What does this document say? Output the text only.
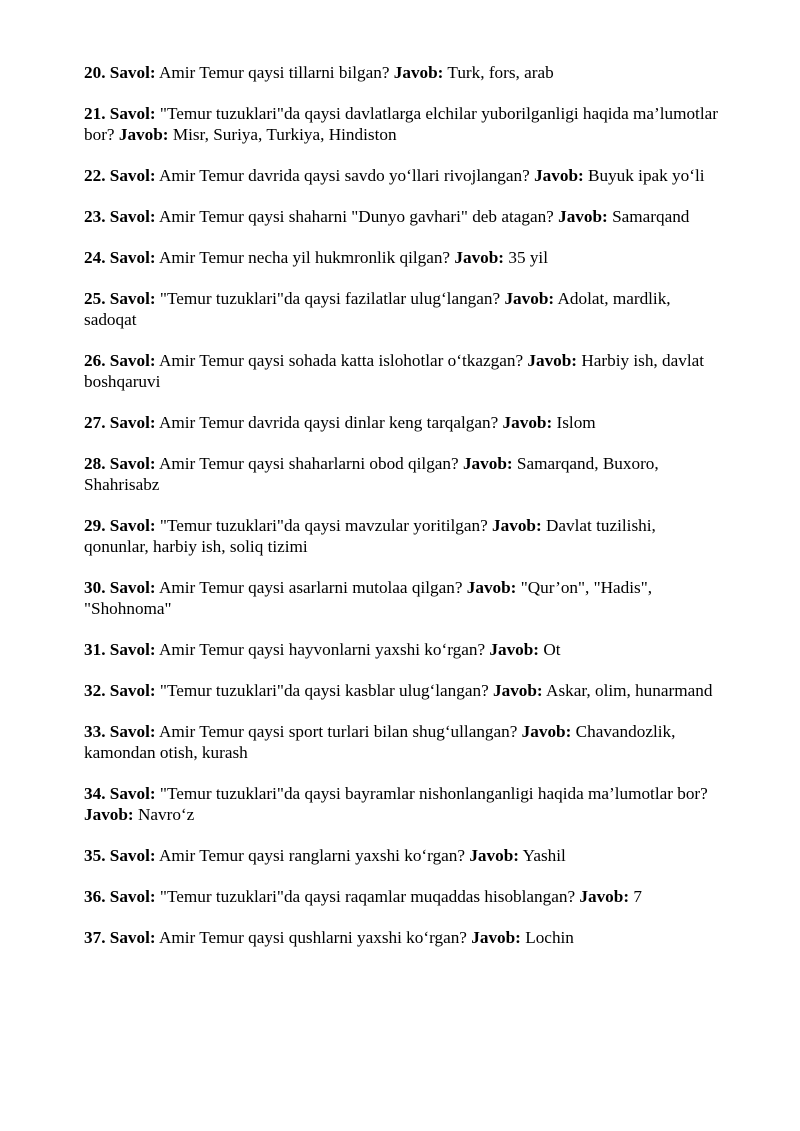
20. Savol: Amir Temur qaysi tillarni bilgan? Javob: Turk, fors, arab
21. Savol: "Temur tuzuklari"da qaysi davlatlarga elchilar yuborilganligi haqida ma’lumotlar bor? Javob: Misr, Suriya, Turkiya, Hindiston
22. Savol: Amir Temur davrida qaysi savdo yo‘llari rivojlangan? Javob: Buyuk ipak yo‘li
23. Savol: Amir Temur qaysi shaharni "Dunyo gavhari" deb atagan? Javob: Samarqand
24. Savol: Amir Temur necha yil hukmronlik qilgan? Javob: 35 yil
25. Savol: "Temur tuzuklari"da qaysi fazilatlar ulug‘langan? Javob: Adolat, mardlik, sadoqat
26. Savol: Amir Temur qaysi sohada katta islohotlar o‘tkazgan? Javob: Harbiy ish, davlat boshqaruvi
27. Savol: Amir Temur davrida qaysi dinlar keng tarqalgan? Javob: Islom
28. Savol: Amir Temur qaysi shaharlarni obod qilgan? Javob: Samarqand, Buxoro, Shahrisabz
29. Savol: "Temur tuzuklari"da qaysi mavzular yoritilgan? Javob: Davlat tuzilishi, qonunlar, harbiy ish, soliq tizimi
30. Savol: Amir Temur qaysi asarlarni mutolaa qilgan? Javob: "Qur’on", "Hadis", "Shohnoma"
31. Savol: Amir Temur qaysi hayvonlarni yaxshi ko‘rgan? Javob: Ot
32. Savol: "Temur tuzuklari"da qaysi kasblar ulug‘langan? Javob: Askar, olim, hunarmand
33. Savol: Amir Temur qaysi sport turlari bilan shug‘ullangan? Javob: Chavandozlik, kamondan otish, kurash
34. Savol: "Temur tuzuklari"da qaysi bayramlar nishonlanganligi haqida ma’lumotlar bor? Javob: Navro‘z
35. Savol: Amir Temur qaysi ranglarni yaxshi ko‘rgan? Javob: Yashil
36. Savol: "Temur tuzuklari"da qaysi raqamlar muqaddas hisoblangan? Javob: 7
37. Savol: Amir Temur qaysi qushlarni yaxshi ko‘rgan? Javob: Lochin
